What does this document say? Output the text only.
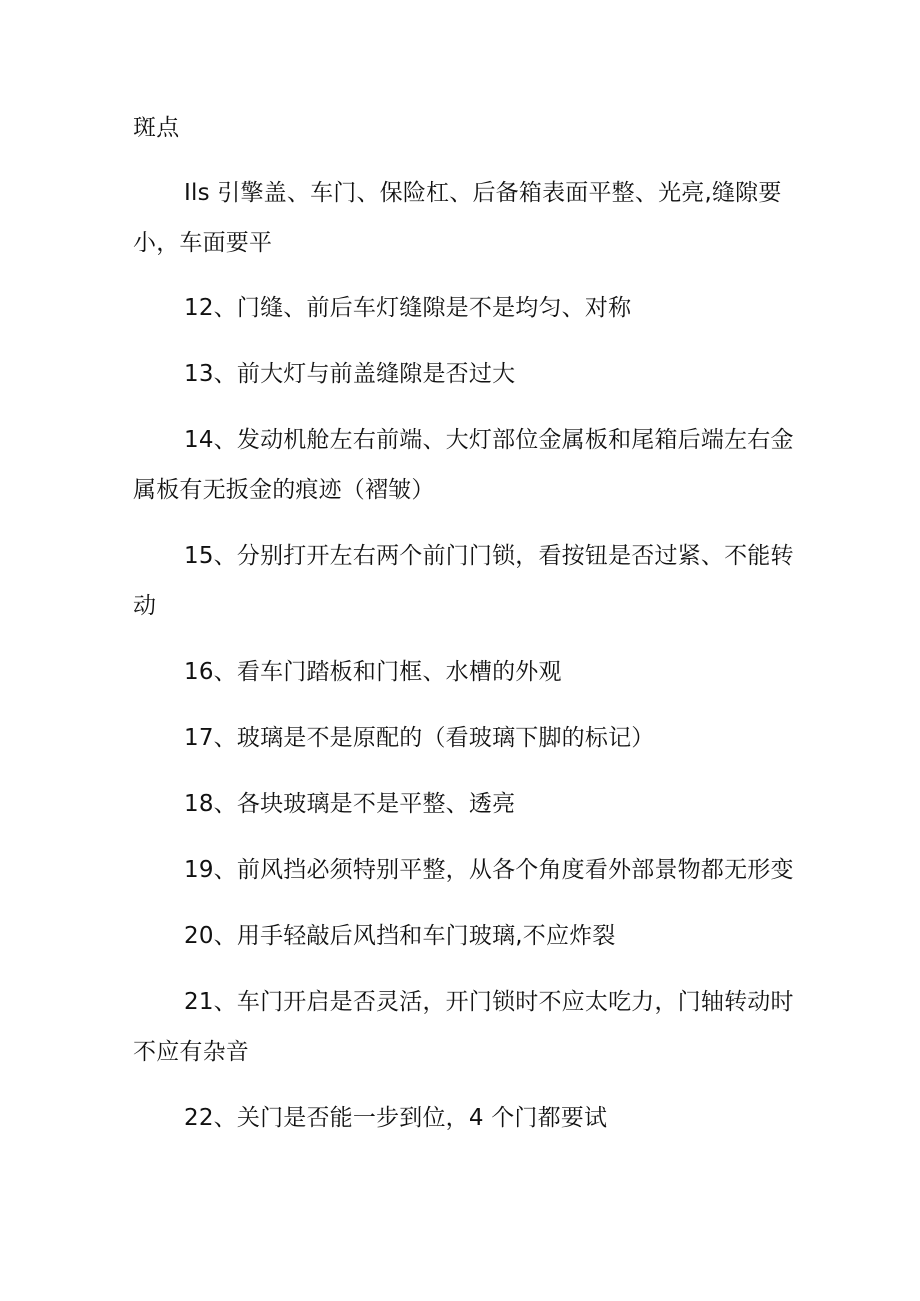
斑点

Ils 引擎盖、车门、保险杠、后备箱表面平整、光亮,缝隙要小，车面要平

12、门缝、前后车灯缝隙是不是均匀、对称

13、前大灯与前盖缝隙是否过大

14、发动机舱左右前端、大灯部位金属板和尾箱后端左右金属板有无扳金的痕迹（褶皱）

15、分别打开左右两个前门门锁，看按钮是否过紧、不能转动

16、看车门踏板和门框、水槽的外观

17、玻璃是不是原配的（看玻璃下脚的标记）

18、各块玻璃是不是平整、透亮

19、前风挡必须特别平整，从各个角度看外部景物都无形变

20、用手轻敲后风挡和车门玻璃,不应炸裂

21、车门开启是否灵活，开门锁时不应太吃力，门轴转动时不应有杂音

22、关门是否能一步到位，4 个门都要试
